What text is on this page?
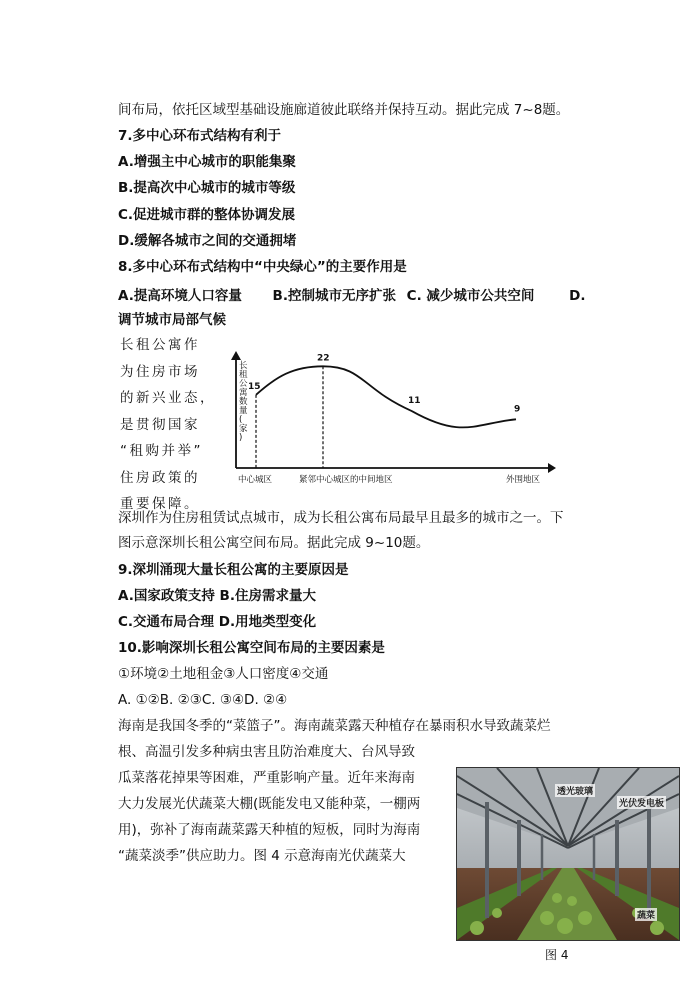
间布局，依托区域型基础设施廊道彼此联络并保持互动。据此完成 7~8题。
7.多中心环布式结构有利于
A.增强主中心城市的职能集聚
B.提高次中心城市的城市等级
C.促进城市群的整体协调发展
D.缓解各城市之间的交通拥堵
8.多中心环布式结构中“中央绿心”的主要作用是
A.提高环境人口容量 B.控制城市无序扩张 C. 减少城市公共空间	D.
调节城市局部气候
长租公寓作
为住房市场
的新兴业态，
是贯彻国家
“租购并举”
住房政策的
重要保障。
长租公寓数量(家)
15
22
11
9
中心城区	紧邻中心城区的中间地区	外围地区
深圳作为住房租赁试点城市，成为长租公寓布局最早且最多的城市之一。下
图示意深圳长租公寓空间布局。据此完成 9~10题。
9.深圳涌现大量长租公寓的主要原因是
A.国家政策支持 B.住房需求量大
C.交通布局合理 D.用地类型变化
10.影响深圳长租公寓空间布局的主要因素是
①环境②土地租金③人口密度④交通
A. ①②B. ②③C. ③④D. ②④
海南是我国冬季的“菜篮子”。海南蔬菜露天种植存在暴雨积水导致蔬菜烂
根、高温引发多种病虫害且防治难度大、台风导致
瓜菜落花掉果等困难，严重影响产量。近年来海南
大力发展光伏蔬菜大棚(既能发电又能种菜，一棚两
用)，弥补了海南蔬菜露天种植的短板，同时为海南
“蔬菜淡季”供应助力。图 4 示意海南光伏蔬菜大
透光玻璃
光伏发电板
蔬菜
图 4
